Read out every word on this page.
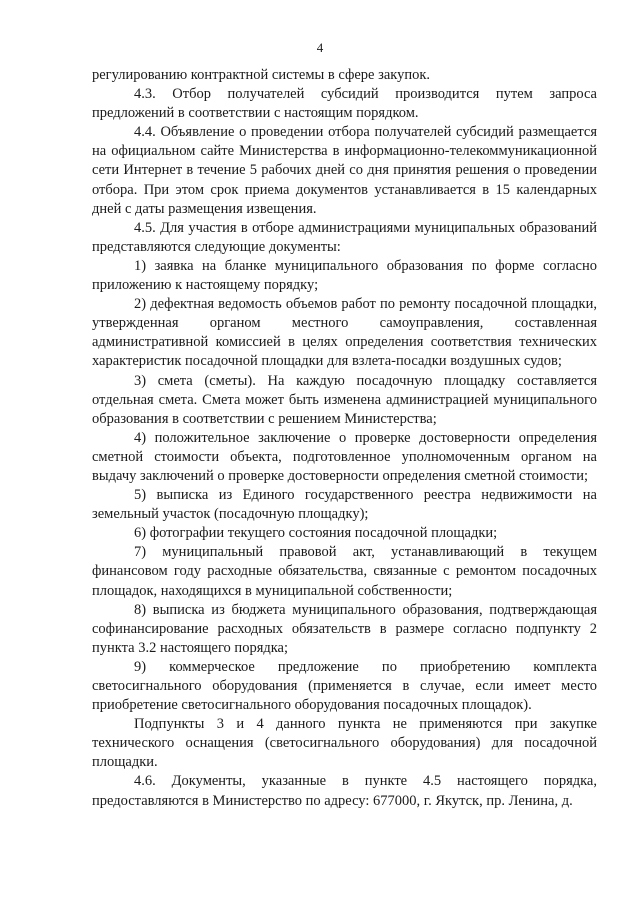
4

регулированию контрактной системы в сфере закупок.

4.3. Отбор получателей субсидий производится путем запроса предложений в соответствии с настоящим порядком.

4.4. Объявление о проведении отбора получателей субсидий размещается на официальном сайте Министерства в информационно-телекоммуникационной сети Интернет в течение 5 рабочих дней со дня принятия решения о проведении отбора. При этом срок приема документов устанавливается в 15 календарных дней с даты размещения извещения.

4.5. Для участия в отборе администрациями муниципальных образований представляются следующие документы:

1) заявка на бланке муниципального образования по форме согласно приложению к настоящему порядку;

2) дефектная ведомость объемов работ по ремонту посадочной площадки, утвержденная органом местного самоуправления, составленная административной комиссией в целях определения соответствия технических характеристик посадочной площадки для взлета-посадки воздушных судов;

3) смета (сметы). На каждую посадочную площадку составляется отдельная смета. Смета может быть изменена администрацией муниципального образования в соответствии с решением Министерства;

4) положительное заключение о проверке достоверности определения сметной стоимости объекта, подготовленное уполномоченным органом на выдачу заключений о проверке достоверности определения сметной стоимости;

5) выписка из Единого государственного реестра недвижимости на земельный участок (посадочную площадку);

6) фотографии текущего состояния посадочной площадки;

7) муниципальный правовой акт, устанавливающий в текущем финансовом году расходные обязательства, связанные с ремонтом посадочных площадок, находящихся в муниципальной собственности;

8) выписка из бюджета муниципального образования, подтверждающая софинансирование расходных обязательств в размере согласно подпункту 2 пункта 3.2 настоящего порядка;

9) коммерческое предложение по приобретению комплекта светосигнального оборудования (применяется в случае, если имеет место приобретение светосигнального оборудования посадочных площадок).

Подпункты 3 и 4 данного пункта не применяются при закупке технического оснащения (светосигнального оборудования) для посадочной площадки.

4.6. Документы, указанные в пункте 4.5 настоящего порядка, предоставляются в Министерство по адресу: 677000, г. Якутск, пр. Ленина, д.
